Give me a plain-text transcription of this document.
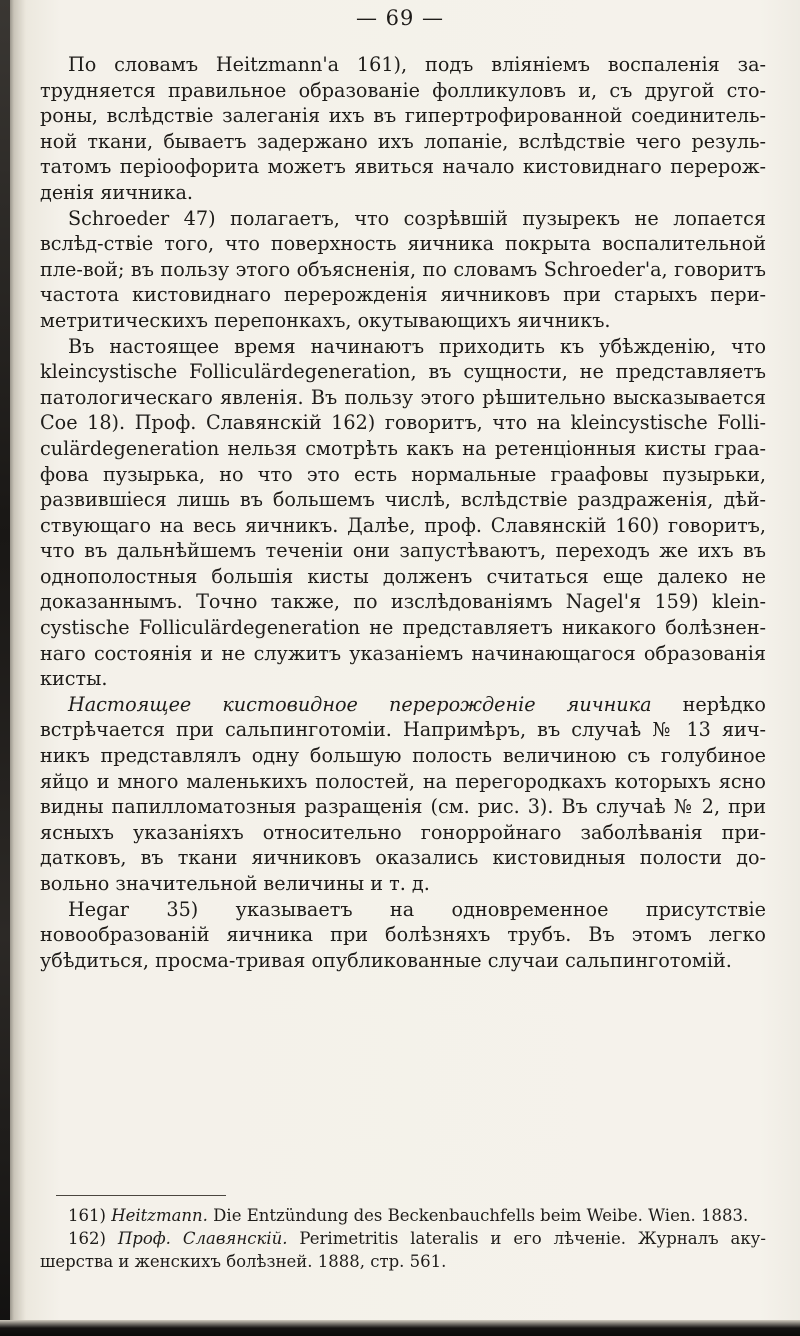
— 69 —

По словамъ Heitzmann'а 161), подъ вліяніемъ воспаленія за-трудняется правильное образованіе фолликуловъ и, съ другой сто-роны, вслѣдствіе залеганія ихъ въ гипертрофированной соединитель-ной ткани, бываетъ задержано ихъ лопаніе, вслѣдствіе чего резуль-татомъ періоофорита можетъ явиться начало кистовиднаго перерож-денія яичника.

Schroeder 47) полагаетъ, что созрѣвшій пузырекъ не лопается вслѣд-ствіе того, что поверхность яичника покрыта воспалительной пле-вой; въ пользу этого объясненія, по словамъ Schroeder'а, говоритъ частота кистовиднаго перерожденія яичниковъ при старыхъ пери-метритическихъ перепонкахъ, окутывающихъ яичникъ.

Въ настоящее время начинаютъ приходить къ убѣжденію, что kleincystische Folliculärdegeneration, въ сущности, не представляетъ патологическаго явленія. Въ пользу этого рѣшительно высказывается Coe 18). Проф. Славянскій 162) говоритъ, что на kleincystische Folli-culärdegeneration нельзя смотрѣть какъ на ретенціонныя кисты граа-фова пузырька, но что это есть нормальные граафовы пузырьки, развившіеся лишь въ большемъ числѣ, вслѣдствіе раздраженія, дѣй-ствующаго на весь яичникъ. Далѣе, проф. Славянскій 160) говоритъ, что въ дальнѣйшемъ теченіи они запустѣваютъ, переходъ же ихъ въ однополостныя большія кисты долженъ считаться еще далеко не доказаннымъ. Точно также, по изслѣдованіямъ Nagel'я 159) klein-cystische Folliculärdegeneration не представляетъ никакого болѣзнен-наго состоянія и не служитъ указаніемъ начинающагося образованія кисты.

Настоящее кистовидное перерожденіе яичника нерѣдко встрѣчается при сальпинготоміи. Напримѣръ, въ случаѣ № 13 яич-никъ представлялъ одну большую полость величиною съ голубиное яйцо и много маленькихъ полостей, на перегородкахъ которыхъ ясно видны папилломатозныя разращенія (см. рис. 3). Въ случаѣ № 2, при ясныхъ указаніяхъ относительно гонорройнаго заболѣванія при-датковъ, въ ткани яичниковъ оказались кистовидныя полости до-вольно значительной величины и т. д.

Hegar 35) указываетъ на одновременное присутствіе новообразованій яичника при болѣзняхъ трубъ. Въ этомъ легко убѣдиться, просма-тривая опубликованные случаи сальпинготомій.

161) Heitzmann. Die Entzündung des Beckenbauchfells beim Weibe. Wien. 1883.

162) Проф. Славянскій. Perimetritis lateralis и его лѣченіе. Журналъ аку-шерства и женскихъ болѣзней. 1888, стр. 561.
